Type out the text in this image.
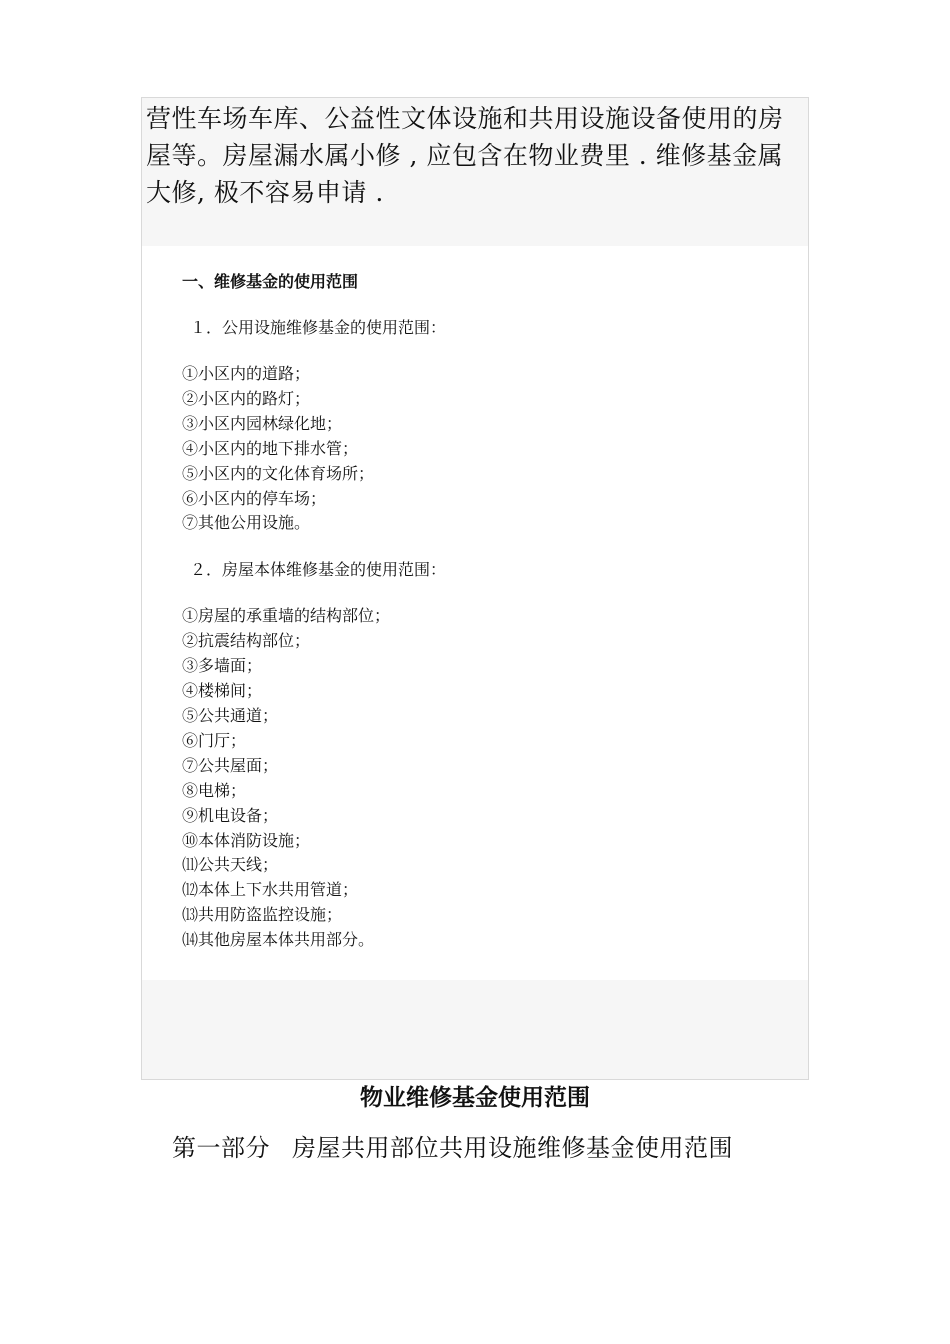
营性车场车库、公益性文体设施和共用设施设备使用的房屋等。房屋漏水属小修 , 应包含在物业费里 . 维修基金属大修, 极不容易申请 .

一、维修基金的使用范围

１．公用设施维修基金的使用范围：

①小区内的道路；
②小区内的路灯；
③小区内园林绿化地；
④小区内的地下排水管；
⑤小区内的文化体育场所；
⑥小区内的停车场；
⑦其他公用设施。

２．房屋本体维修基金的使用范围：

①房屋的承重墙的结构部位；
②抗震结构部位；
③多墙面；
④楼梯间；
⑤公共通道；
⑥门厅；
⑦公共屋面；
⑧电梯；
⑨机电设备；
⑩本体消防设施；
⑾公共天线；
⑿本体上下水共用管道；
⒀共用防盗监控设施；
⒁其他房屋本体共用部分。
物业维修基金使用范围

第一部分 房屋共用部位共用设施维修基金使用范围
